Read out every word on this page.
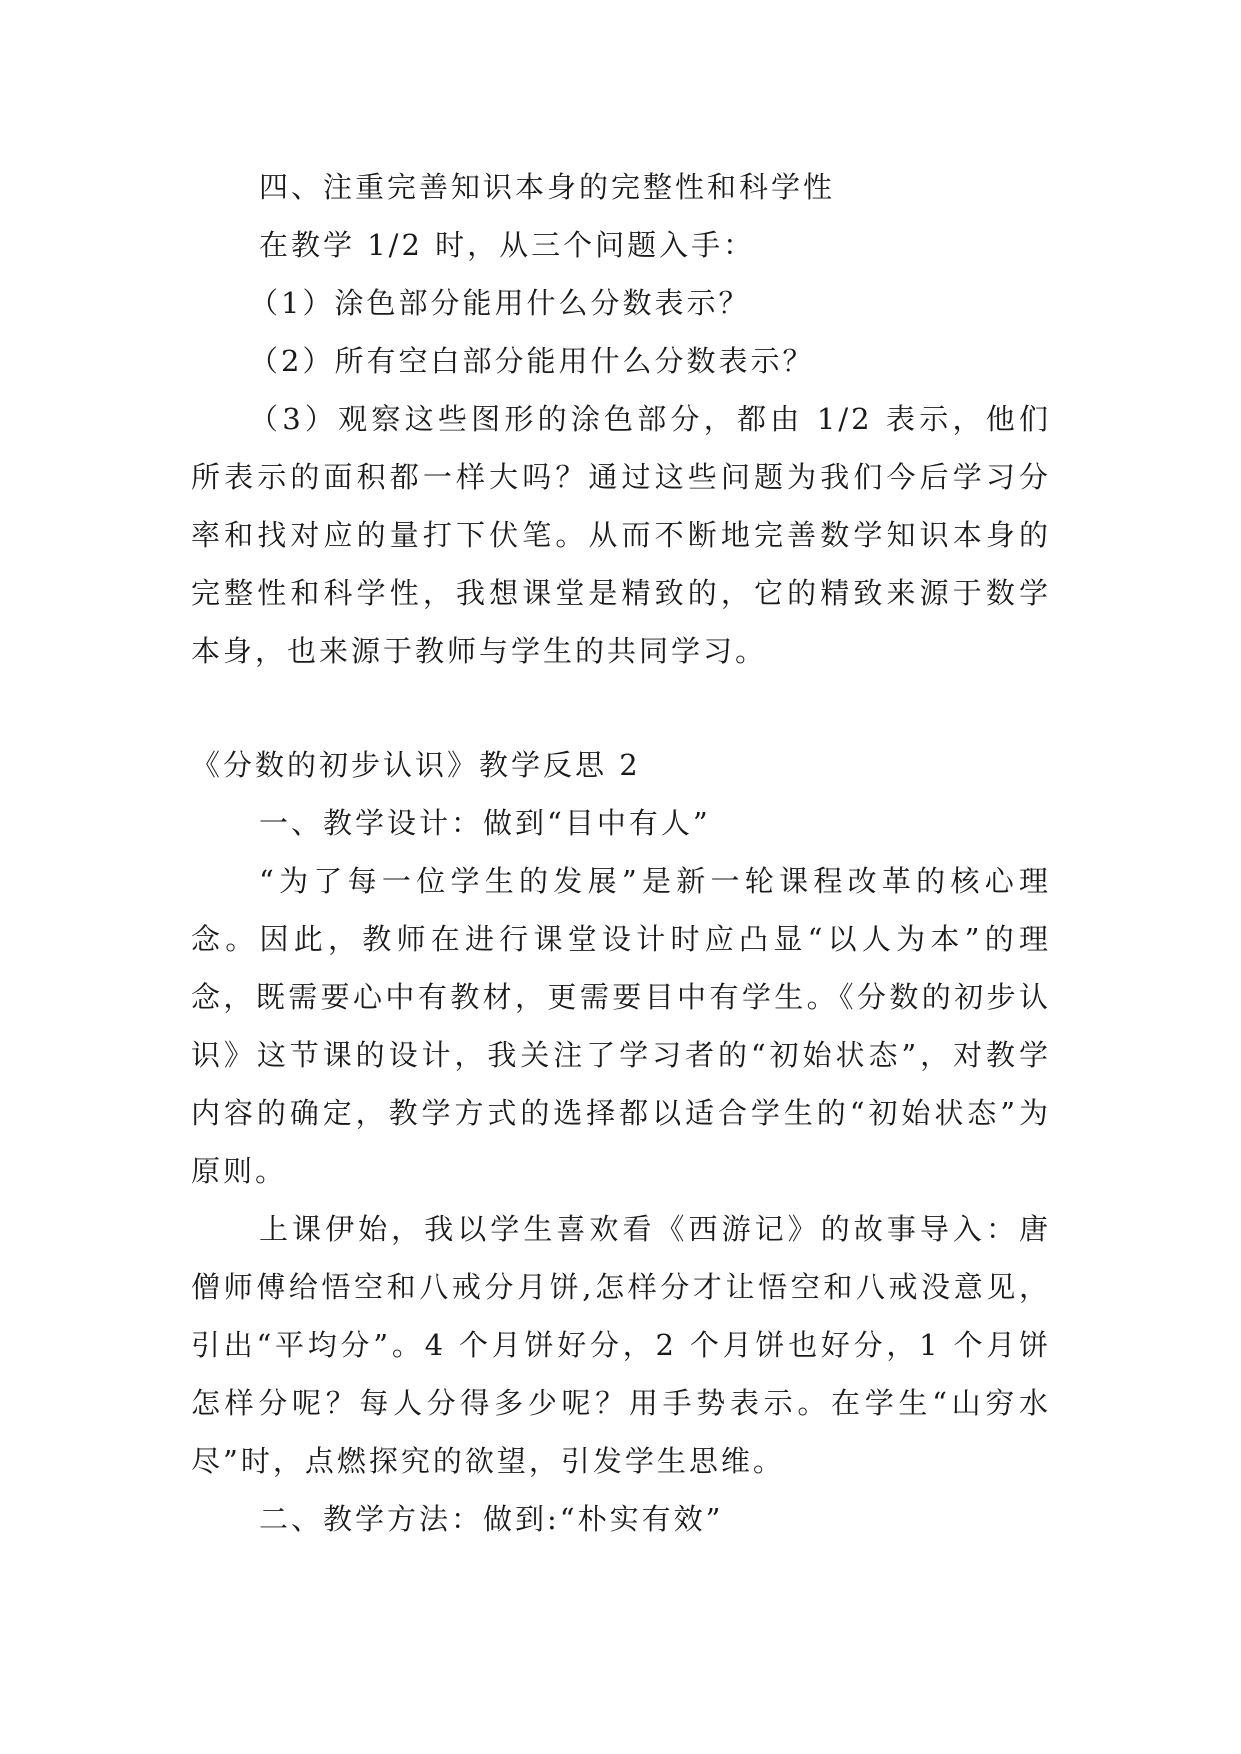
四、注重完善知识本身的完整性和科学性

在教学 1/2 时，从三个问题入手：

（1）涂色部分能用什么分数表示？

（2）所有空白部分能用什么分数表示？

（3）观察这些图形的涂色部分，都由 1/2 表示，他们所表示的面积都一样大吗？通过这些问题为我们今后学习分率和找对应的量打下伏笔。从而不断地完善数学知识本身的完整性和科学性，我想课堂是精致的，它的精致来源于数学本身，也来源于教师与学生的共同学习。

《分数的初步认识》教学反思 2

一、教学设计：做到“目中有人”

“为了每一位学生的发展”是新一轮课程改革的核心理念。因此，教师在进行课堂设计时应凸显“以人为本”的理念，既需要心中有教材，更需要目中有学生。《分数的初步认识》这节课的设计，我关注了学习者的“初始状态”，对教学内容的确定，教学方式的选择都以适合学生的“初始状态”为原则。

上课伊始，我以学生喜欢看《西游记》的故事导入：唐僧师傅给悟空和八戒分月饼,怎样分才让悟空和八戒没意见，引出“平均分”。4 个月饼好分，2 个月饼也好分，1 个月饼怎样分呢？每人分得多少呢？用手势表示。在学生“山穷水尽”时，点燃探究的欲望，引发学生思维。

二、教学方法：做到:“朴实有效”
